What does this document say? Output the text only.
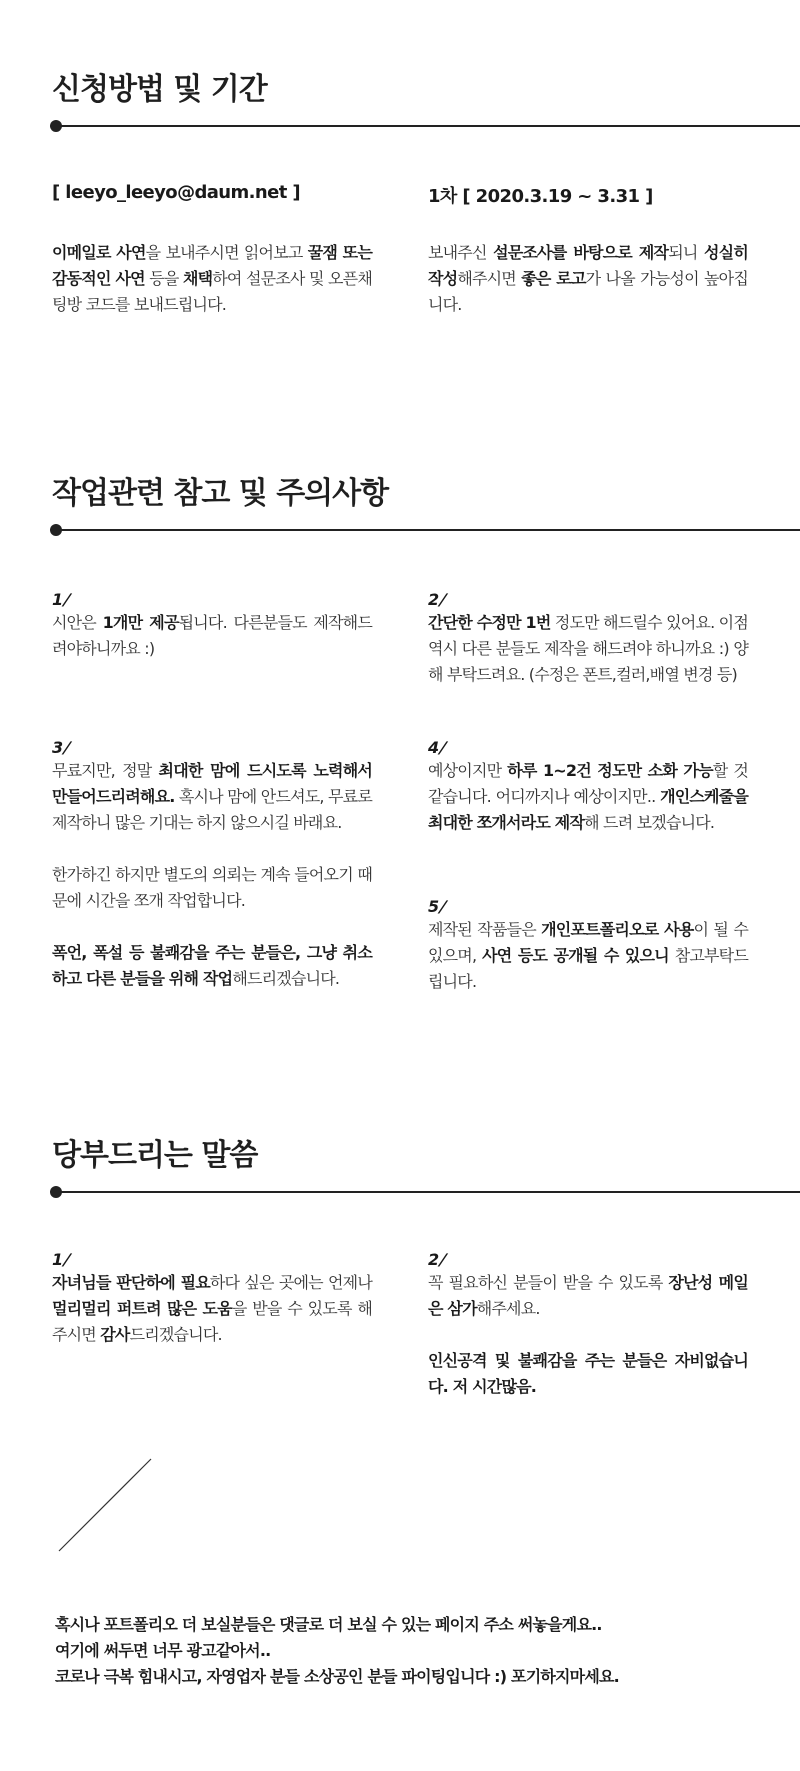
신청방법 및 기간
[ leeyo_leeyo@daum.net ]	1차 [ 2020.3.19 ~ 3.31 ]
이메일로 사연을 보내주시면 읽어보고 꿀잼 또는 감동적인 사연 등을 채택하여 설문조사 및 오픈채팅방 코드를 보내드립니다.
보내주신 설문조사를 바탕으로 제작되니 성실히 작성해주시면 좋은 로고가 나올 가능성이 높아집니다.
작업관련 참고 및 주의사항
1/
시안은 1개만 제공됩니다. 다른분들도 제작해드려야하니까요 :)
2/
간단한 수정만 1번 정도만 해드릴수 있어요. 이점 역시 다른 분들도 제작을 해드려야 하니까요 :) 양해 부탁드려요. (수정은 폰트,컬러,배열 변경 등)
3/
무료지만, 정말 최대한 맘에 드시도록 노력해서 만들어드리려해요. 혹시나 맘에 안드셔도, 무료로 제작하니 많은 기대는 하지 않으시길 바래요.
한가하긴 하지만 별도의 의뢰는 계속 들어오기 때문에 시간을 쪼개 작업합니다.
폭언, 폭설 등 불쾌감을 주는 분들은, 그냥 취소하고 다른 분들을 위해 작업해드리겠습니다.
4/
예상이지만 하루 1~2건 정도만 소화 가능할 것 같습니다. 어디까지나 예상이지만.. 개인스케줄을 최대한 쪼개서라도 제작해 드려 보겠습니다.
5/
제작된 작품들은 개인포트폴리오로 사용이 될 수 있으며, 사연 등도 공개될 수 있으니 참고부탁드립니다.
당부드리는 말씀
1/
자녀님들 판단하에 필요하다 싶은 곳에는 언제나 멀리멀리 퍼트려 많은 도움을 받을 수 있도록 해주시면 감사드리겠습니다.
2/
꼭 필요하신 분들이 받을 수 있도록 장난성 메일은 삼가해주세요.
인신공격 및 불쾌감을 주는 분들은 자비없습니다. 저 시간많음.
혹시나 포트폴리오 더 보실분들은 댓글로 더 보실 수 있는 페이지 주소 써놓을게요..
여기에 써두면 너무 광고같아서..
코로나 극복 힘내시고, 자영업자 분들 소상공인 분들 파이팅입니다 :) 포기하지마세요.
